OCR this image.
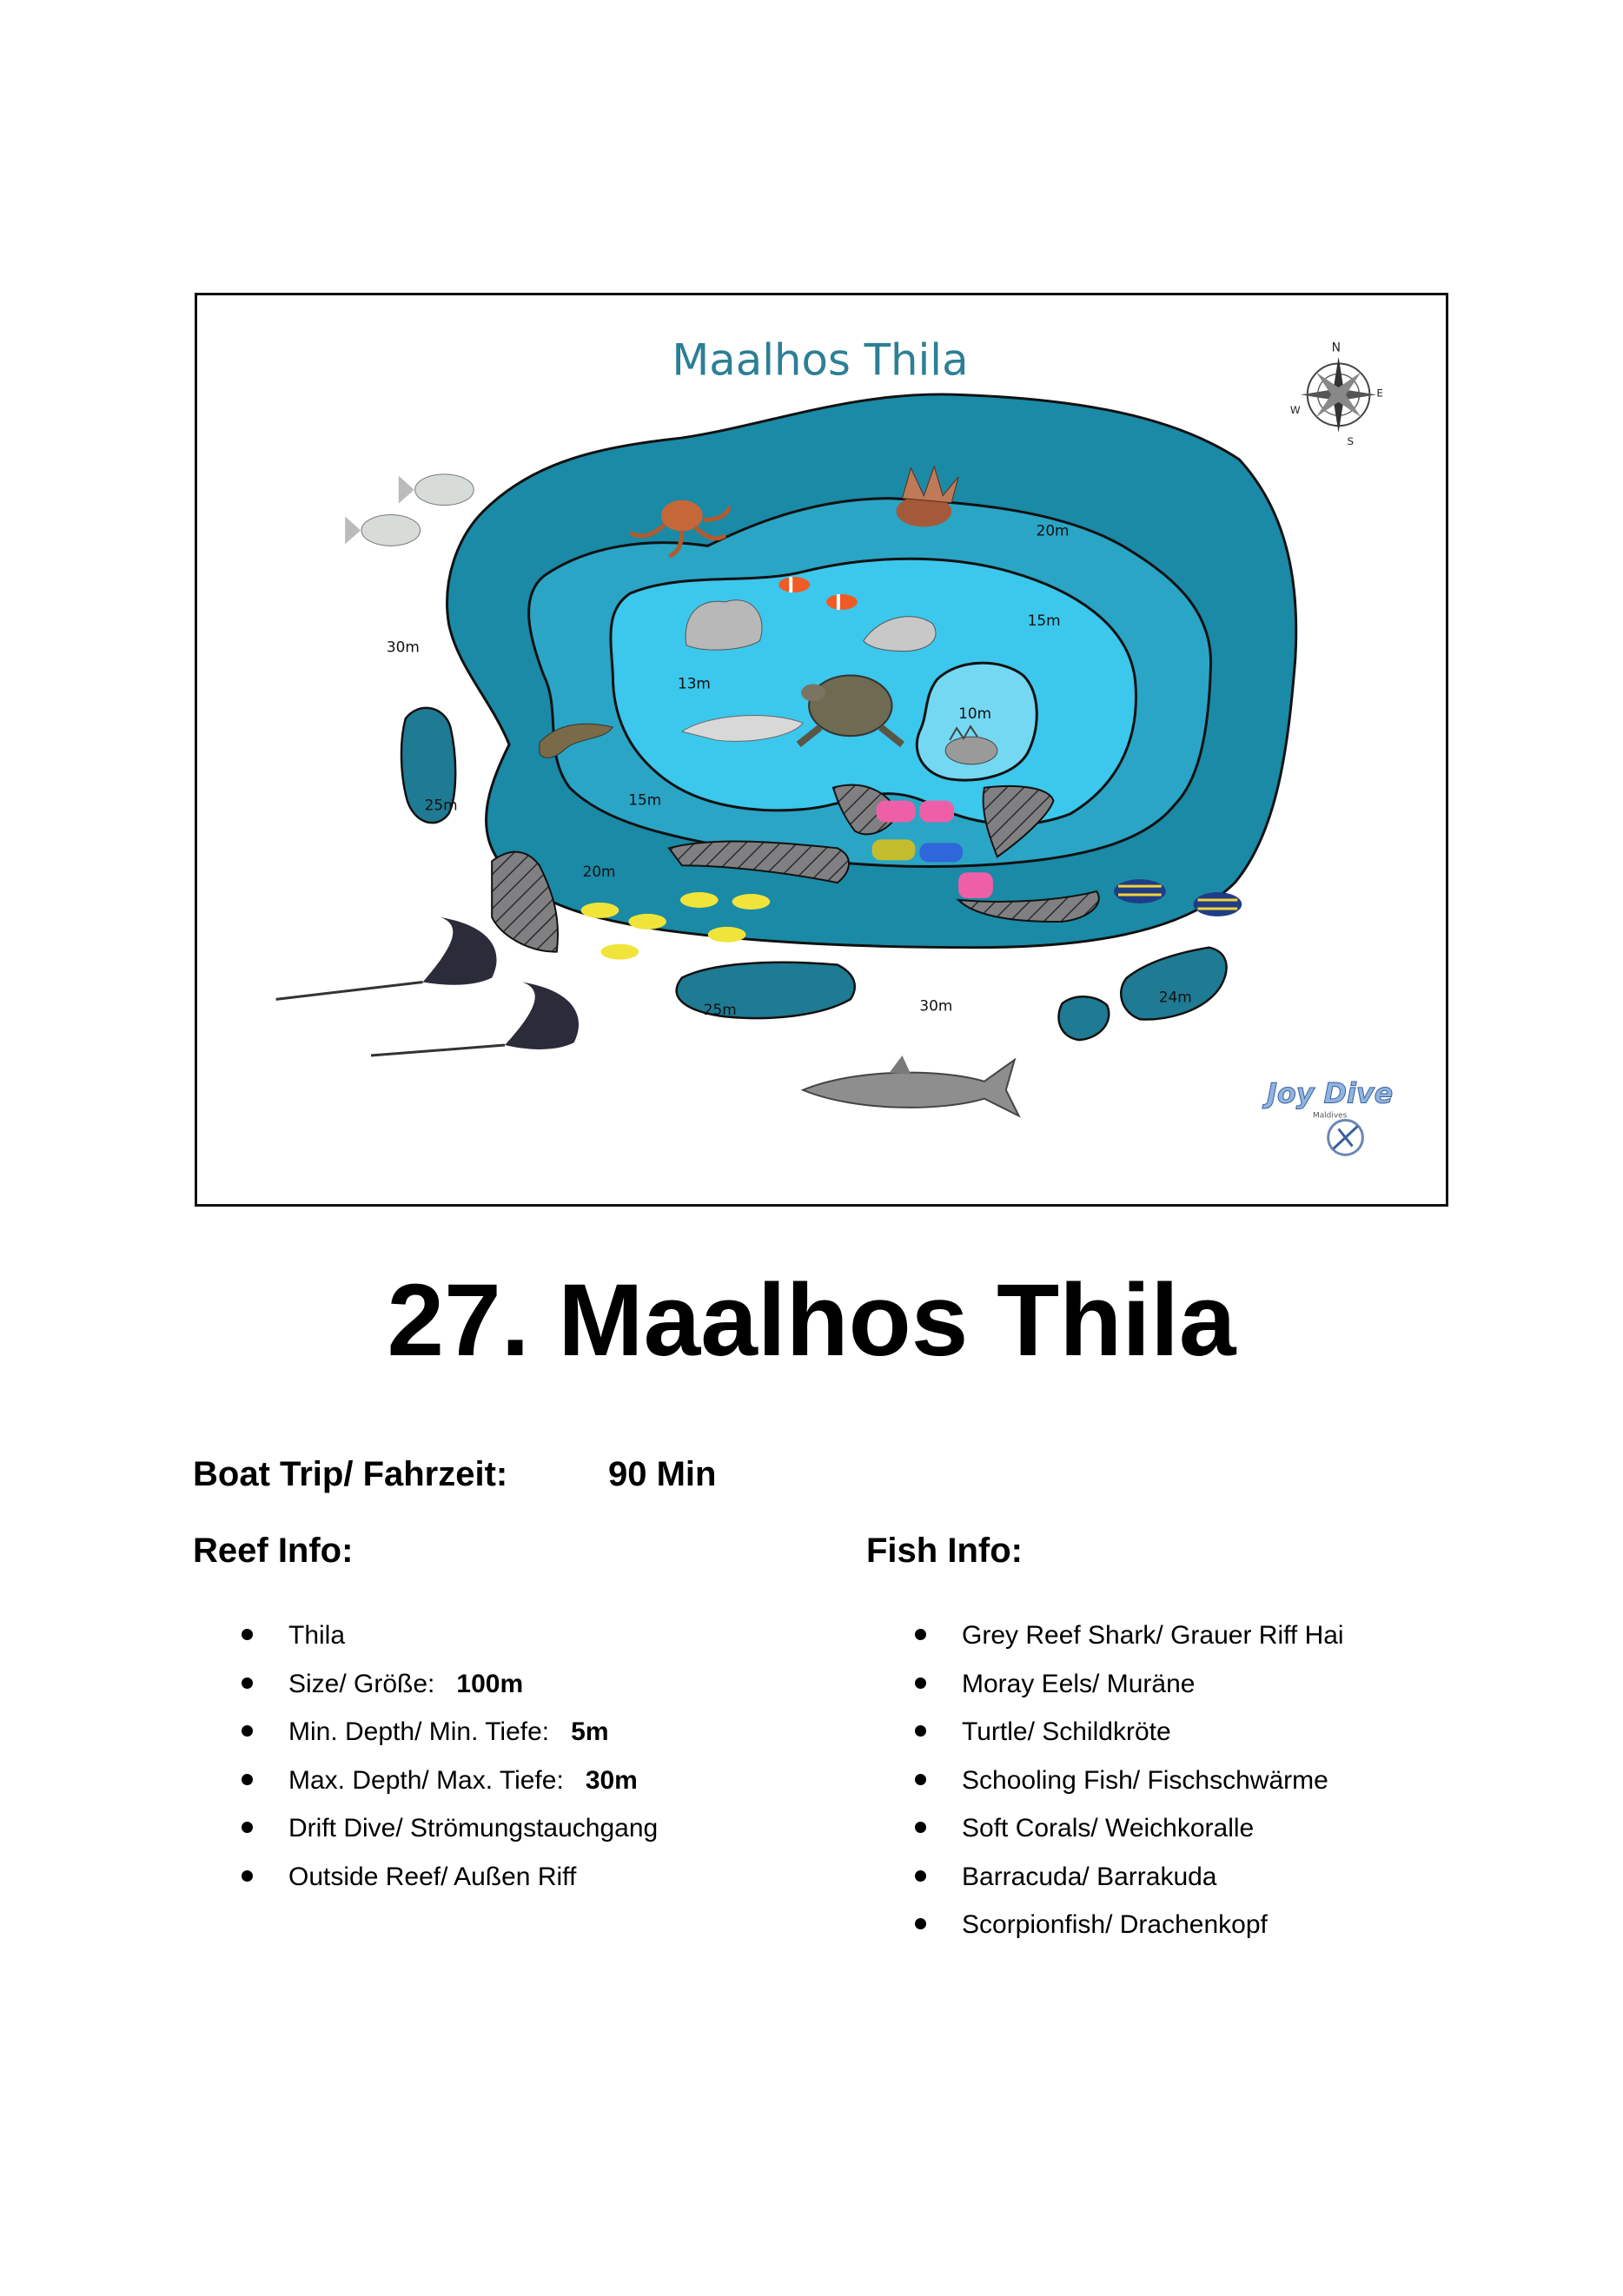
Maalhos Thila	N
E
S
W
20m
15m
30m
13m
10m
25m	15m
20m
24m
25m	30m
Joy Dive
Maldives
27. Maalhos Thila
Boat Trip/ Fahrzeit:	90 Min
Reef Info:	Fish Info:
Thila
Size/ Größe: 100m
Min. Depth/ Min. Tiefe: 5m
Max. Depth/ Max. Tiefe: 30m
Drift Dive/ Strömungstauchgang
Outside Reef/ Außen Riff
Grey Reef Shark/ Grauer Riff Hai
Moray Eels/ Muräne
Turtle/ Schildkröte
Schooling Fish/ Fischschwärme
Soft Corals/ Weichkoralle
Barracuda/ Barrakuda
Scorpionfish/ Drachenkopf
